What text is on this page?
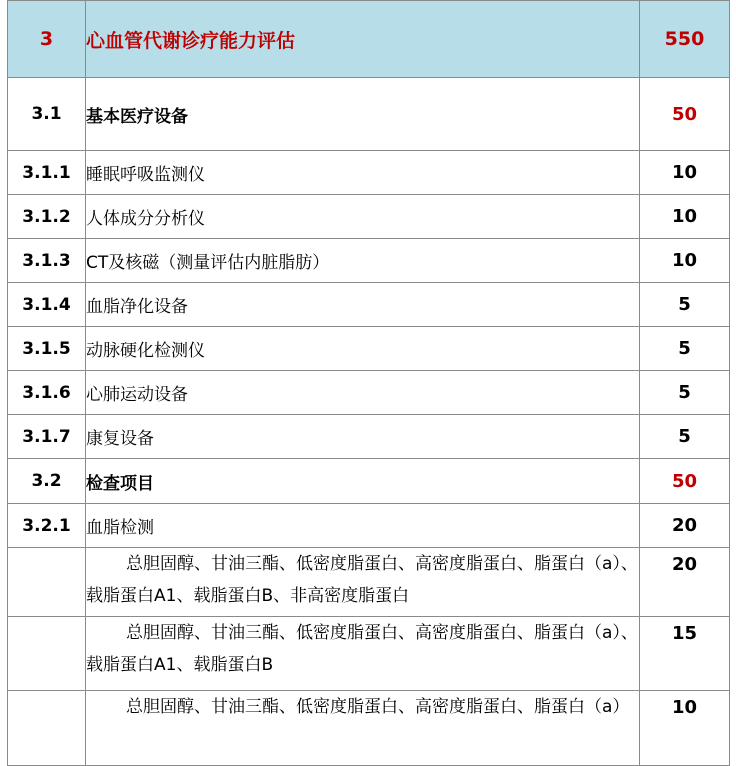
3	心血管代谢诊疗能力评估	550
3.1	基本医疗设备	50
3.1.1	睡眠呼吸监测仪	10
3.1.2	人体成分分析仪	10
3.1.3	CT及核磁（测量评估内脏脂肪）	10
3.1.4	血脂净化设备	5
3.1.5	动脉硬化检测仪	5
3.1.6	心肺运动设备	5
3.1.7	康复设备	5
3.2	检查项目	50
3.2.1	血脂检测	20
	总胆固醇、甘油三酯、低密度脂蛋白、高密度脂蛋白、脂蛋白（a）、载脂蛋白A1、载脂蛋白B、非高密度脂蛋白	20
	总胆固醇、甘油三酯、低密度脂蛋白、高密度脂蛋白、脂蛋白（a）、载脂蛋白A1、载脂蛋白B	15
	总胆固醇、甘油三酯、低密度脂蛋白、高密度脂蛋白、脂蛋白（a）	10
